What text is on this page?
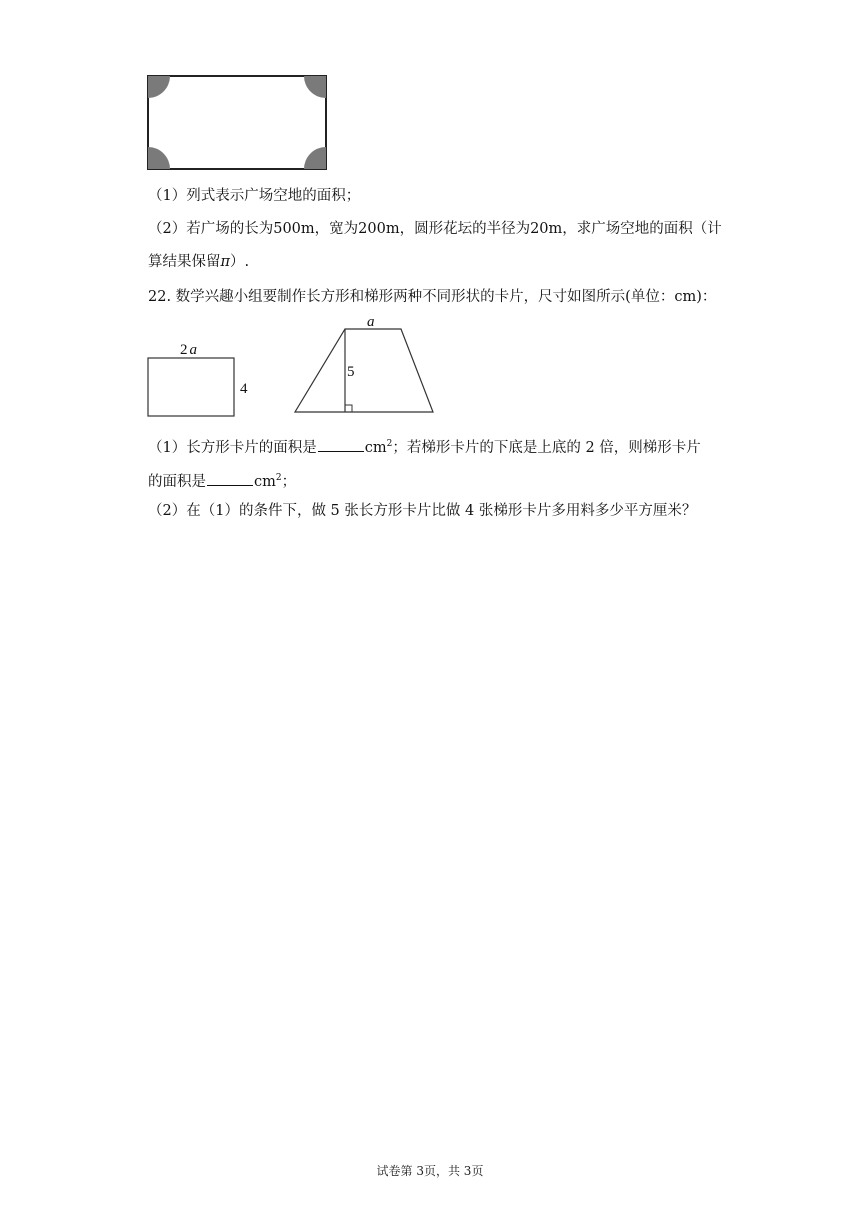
（1）列式表示广场空地的面积；
（2）若广场的长为500m，宽为200m，圆形花坛的半径为20m，求广场空地的面积（计
算结果保留π）.
22. 数学兴趣小组要制作长方形和梯形两种不同形状的卡片，尺寸如图所示(单位：cm)：
2 a
4
a
5
（1）长方形卡片的面积是	$cm^2$；若梯形卡片的下底是上底的 2 倍，则梯形卡片
的面积是	$cm^2$；
（2）在（1）的条件下，做 5 张长方形卡片比做 4 张梯形卡片多用料多少平方厘米？
试卷第 3页，共 3页
